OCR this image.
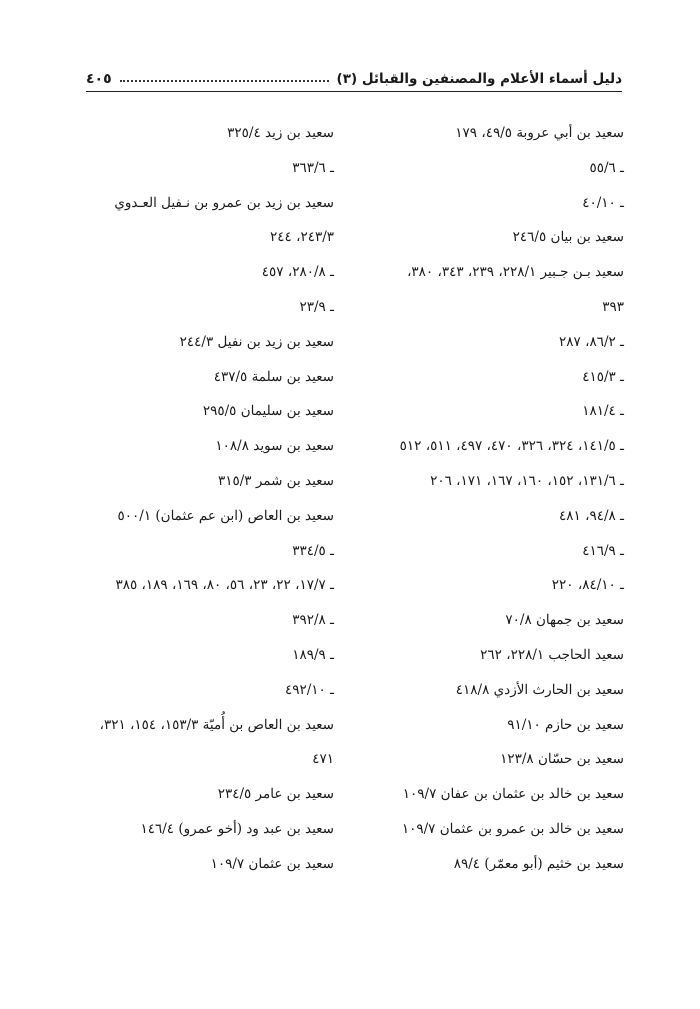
دليل أسماء الأعلام والمصنفين والقبائل (٣)
٤٠٥
سعيد بن أبي عروبة ٤٩/٥، ١٧٩
ـ ٥٥/٦
ـ ٤٠/١٠
سعيد بن بيان ٢٤٦/٥
سعيد بـن جـبير ٢٢٨/١، ٢٣٩، ٣٤٣، ٣٨٠،
٣٩٣
ـ ٨٦/٢، ٢٨٧
ـ ٤١٥/٣
ـ ١٨١/٤
ـ ١٤١/٥، ٣٢٤، ٣٢٦، ٤٧٠، ٤٩٧، ٥١١، ٥١٢
ـ ١٣١/٦، ١٥٢، ١٦٠، ١٦٧، ١٧١، ٢٠٦
ـ ٩٤/٨، ٤٨١
ـ ٤١٦/٩
ـ ٨٤/١٠، ٢٢٠
سعيد بن جمهان ٧٠/٨
سعيد الحاجب ٢٢٨/١، ٢٦٢
سعيد بن الحارث الأزدي ٤١٨/٨
سعيد بن حازم ٩١/١٠
سعيد بن حسّان ١٢٣/٨
سعيد بن خالد بن عثمان بن عفان ١٠٩/٧
سعيد بن خالد بن عمرو بن عثمان ١٠٩/٧
سعيد بن خثيم (أبو معمّر) ٨٩/٤
سعيد بن زيد ٣٢٥/٤
ـ ٣٦٣/٦
سعيد بن زيد بن عمرو بن نـفيل العـدوي
٢٤٣/٣، ٢٤٤
ـ ٢٨٠/٨، ٤٥٧
ـ ٢٣/٩
سعيد بن زيد بن نفيل ٢٤٤/٣
سعيد بن سلمة ٤٣٧/٥
سعيد بن سليمان ٢٩٥/٥
سعيد بن سويد ١٠٨/٨
سعيد بن شمر ٣١٥/٣
سعيد بن العاص (ابن عم عثمان) ٥٠٠/١
ـ ٣٣٤/٥
ـ ١٧/٧، ٢٢، ٢٣، ٥٦، ٨٠، ١٦٩، ١٨٩، ٣٨٥
ـ ٣٩٢/٨
ـ ١٨٩/٩
ـ ٤٩٢/١٠
سعيد بن العاص بن أُميّة ١٥٣/٣، ١٥٤، ٣٢١،
٤٧١
سعيد بن عامر ٢٣٤/٥
سعيد بن عبد ود (أخو عمرو) ١٤٦/٤
سعيد بن عثمان ١٠٩/٧
